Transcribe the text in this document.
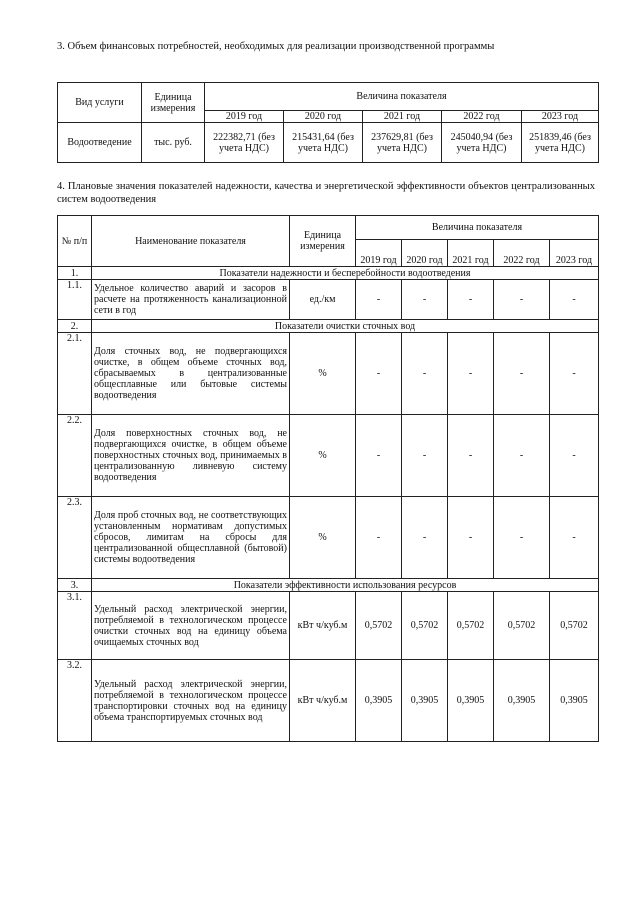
3. Объем финансовых потребностей, необходимых для реализации производственной программы
Вид услуги	Единица измерения	Величина показателя				
		2019 год	2020 год	2021 год	2022 год	2023 год
Водоотведение	тыс. руб.	222382,71 (без учета НДС)	215431,64 (без учета НДС)	237629,81 (без учета НДС)	245040,94 (без учета НДС)	251839,46 (без учета НДС)
4. Плановые значения показателей надежности, качества и энергетической эффективности объектов централизованных систем водоотведения
№ п/п	Наименование показателя	Единица измерения	Величина показателя				
			2019 год	2020 год	2021 год	2022 год	2023 год
1.	Показатели надежности и бесперебойности водоотведения						
1.1.	Удельное количество аварий и засоров в расчете на протяженность канализационной сети в год	ед./км	-	-	-	-	-
2.	Показатели очистки сточных вод						
2.1.	Доля сточных вод, не подвергающихся очистке, в общем объеме сточных вод, сбрасываемых в централизованные общесплавные или бытовые системы водоотведения	%	-	-	-	-	-
2.2.	Доля поверхностных сточных вод, не подвергающихся очистке, в общем объеме поверхностных сточных вод, принимаемых в централизованную ливневую систему водоотведения	%	-	-	-	-	-
2.3.	Доля проб сточных вод, не соответствующих установленным нормативам допустимых сбросов, лимитам на сбросы для централизованной общесплавной (бытовой) системы водоотведения	%	-	-	-	-	-
3.	Показатели эффективности использования ресурсов						
3.1.	Удельный расход электрической энергии, потребляемой в технологическом процессе очистки сточных вод на единицу объема очищаемых сточных вод	кВт ч/куб.м	0,5702	0,5702	0,5702	0,5702	0,5702
3.2.	Удельный расход электрической энергии, потребляемой в технологическом процессе транспортировки сточных вод на единицу объема транспортируемых сточных вод	кВт ч/куб.м	0,3905	0,3905	0,3905	0,3905	0,3905
